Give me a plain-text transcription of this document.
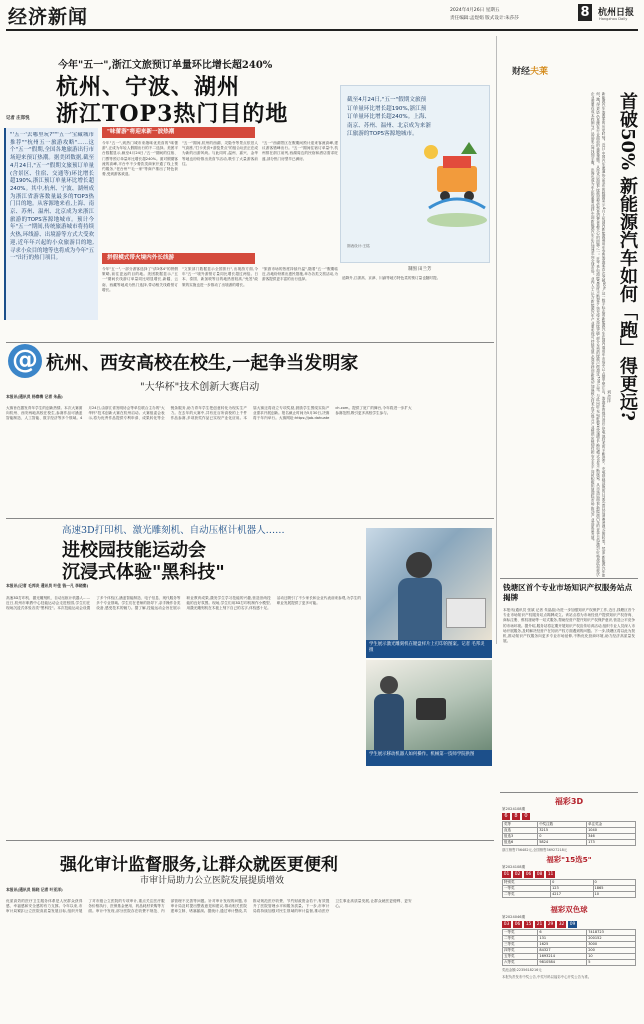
经济新闻	2024年4月26日 星期五
责任编辑:孟煜娟 版式设计:朱莎莎	8 杭州日报
Hangzhou Daily
今年"五一",浙江文旅预订单量环比增长超240%
杭州、宁波、湖州
浙江TOP3热门目的地
记者 庄郑悦
"'五一'去哪里玩?""'五一'宝藏城市推荐""杭州五一旅游攻略"……这个"五一"假期,全国各地旅游出行市场迎来预订热潮。据美团数据,截至4月24日,"五一"假期文旅预订单量(含景区、住宿、交通等)环比增长超190%,浙江预订单量环比增长超240%。其中,杭州、宁波、湖州成为浙江省游客数量最多的TOP3热门目的地。从客源地来看,上海、南京、苏州、温州、北京成为来浙江旅游的TOPS客源地城市。预计今年"五一"期间,传统旅游城市将持续火热,环线游、出境游等方式大受欢迎,近年年兴起的小众旅游目的地,寻求小众目的地等也将成为今年"五一"出行的热门项目。
"味蕾游"将迎来新一波热潮
今年"五一",到热门城市来趟味优美食的"味蕾游",正成为年轻人假期出行的不二选择。美团平台数据显示,截至4月24日,"五一"期间的住宿、门票等预订单量环比增长超240%。面对假期客流的高峰,平台中不少餐饮类商家开通了线上预约服务,"老台州""毛一家"等商户推出了特色套餐,受到游客欢迎。
"五一"期间,杭州的西湖、灵隐寺等景点依旧人气高涨,"打卡美食+游览景点"的组合玩法正在成为新的出游风尚。与此同时,温州、嘉兴、金华等地也纷纷推出美食节活动,吸引了大量游客前往。
"五一"西湖景区在假期间预计迎来客流高峰,建议游客错峰出行。"五一"期间住宿订单量中,杭州排在浙江前列,西湖周边的民宿和酒店需求旺盛,部分热门房型早已满房。
拼假模式带火境内外长线游
今年"五一",一部分游客选择了"请3休4"的拼假策略,前往更远的目的地。美团数据显示,"五一"期间长线游订单量同比明显增长,新疆、云南、西藏等地成为热门选择,带动相关线路预订增长。
"文旅部门数据显示全国旅行",出境游方面,今年"五一"境外游预订量同比增长超过两倍。日本、泰国、新加坡等目的地热度较高,"免签"政策的实施也进一步推动了出境游的增长。
"旅游市场的热度持续升温",随着"五一"假期临近,各地纷纷推出惠民措施,举办各类文旅活动,为游客提供更丰富的出行选择。
截至4月24日,"五一"假期文旅预订单量环比增长超190%,浙江预订单量环比增长超240%。上海、南京、苏州、温州、北京成为来浙江旅游的TOP5客源地城市。
图表设计:王铭
制图 田兰芳
追降升,江浙高、京津、川渝等地方特色菜的预订量也随时提。
财经夫莱
首破50% 新能源汽车如何「跑」得更远?
刘舍洋
新能源汽车渗透率的历史时刻。近日,中国汽车流通协会发布的数据显示,4月上旬国内新能源乘用车零售渗透率首次突破50%,这一数字标志着新能源汽车在国内乘用车市场中已占据半壁江山。渗透率的提升背后,是电池技术的不断进步、充电基础设施的日益完善以及消费者观念的转变。然而,新能源汽车如何"跑"得更远,仍是摆在行业面前的重要课题。从技术层面看,续航里程依然是消费者最关心的问题之一。近年来,电池能量密度不断提升,快充技术持续突破,部分车型的续航已经超过700公里。与此同时,充电桩数量快速增长,换电模式也在不断探索。从市场层面看,新能源汽车的竞争日趋激烈,价格战此起彼伏,企业需要在成本控制与产品品质之间找到平衡。出海也成为车企的重要选择,中国新能源汽车正在加速走向全球市场。业内人士认为,新能源汽车产业要实现可持续发展,必须坚持创新驱动,加强核心技术攻关,提升产业链供应链韧性和安全水平,同时积极拓展国际市场,推动产业高质量发展。
@ 杭州、西安高校在校生,一起争当发明家
"大华杯"技术创新大赛启动
本报讯(通讯员 杨春梅 记者 朱晶)
大赛旨在激发青年学生的创新热情。本次大赛面向杭州、西安两地高校在校生,参赛作品可涵盖智能制造、人工智能、数字经济等多个领域。4月24日,由浙江省发明协会等单位联合主办的"大华杯"技术创新大赛在杭州启动。大赛组委会表示,将为优秀作品提供专利申请、成果转化等全链条服务,助力青年学生把创意转化为现实生产力。在去年的大赛中,共有近百所高校的上千件作品参赛,多项获奖作品已实现产业化应用。本届大赛还将设立专项奖励,鼓励学生围绕实际产业需求开展创新。报名截止时间为5月30日,决赛将于年内举行。大赛网址:https://job.dahuatech.com。提供了宽广的舞台,今年将进一步扩大参赛范围,吸引更多高校学生参与。
高速3D打印机、激光雕刻机、自动压枢计机器人……
进校园技能运动会
沉浸式体验"黑科技"
本报讯(记者 毛邦炎 通讯员 叶佳 钱一凡 李晓秦)
高速3D打印机、激光雕刻机、自动压枢计机器人……近日,杭州市职教中心技能运动会走进校园,学生们在现场沉浸式体验各类"黑科技"。本次技能运动会设置了多个体验区,涵盖智能制造、电子信息、现代服务等多个专业领域。学生们在老师的指导下,亲手操作各类设备,感受技术的魅力。据了解,技能运动会旨在展示职业教育成果,激发学生学习技能的兴趣,营造崇尚技能的良好氛围。现场,学生们用3D打印机制作小模型,用激光雕刻机在木板上刻下自己的名字,体验感十足。活动还吸引了不少家长和企业代表前来参观,为学生的职业发展提供了更多可能。
学生展示激光雕刻机在键盘样片上打印的图案。记者 毛邦炎 摄
学生展示移动机器人如何操作。机械第一技师学院供图
强化审计监督服务,让群众就医更便利
市审计局助力公立医院发展提质增效
本报讯(通讯员 陈晓 记者 叶亚洋)
优质高效的医疗卫生服务体系是人民群众获得感、幸福感和安全感的有力支撑。今年以来,市审计局紧扣公立医院高质量发展目标,组织开展了对市级公立医院的专项审计,重点关注医疗服务价格执行、医保基金使用、药品耗材采购等方面。审计中发现,部分医院存在收费不规范、内部管理不完善等问题。针对审计发现的问题,市审计局及时提出整改意见和建议,推动相关医院建章立制、堵塞漏洞。据统计,通过审计整改,共推动规范医疗收费、节约财政资金若干,有效提升了医院管理水平和服务质量。下一步,市审计局将持续加强对民生领域的审计监督,推动医疗卫生事业高质量发展,让群众就医更便利、更安心。
钱塘区首个专业市场知识产权服务站点揭牌
本报讯(通讯员 张斌 记者 朱晶晶)为进一步加强知识产权保护工作,近日,钱塘区首个专业市场知识产权服务站点揭牌成立。该站点将为市场经营户提供知识产权咨询、商标注册、维权援助等一站式服务,帮助经营户提升知识产权保护意识,营造公平竞争的市场环境。据介绍,服务站将定期开展知识产权宣传培训活动,组织专业人员深入市场开展服务,及时解决经营户在知识产权方面遇到的问题。下一步,钱塘区将以此为契机,推动知识产权服务向更多专业市场延伸,不断优化营商环境,助力经济高质量发展。
福彩3D
第2024108期
6	8	0
奖等	中奖注数	单注奖金
直选	3215	1040
组选3	0	346
组选6	5824	173
浙江销售756482元,全国销售36927218元
福彩"15选5"
第2024108期
01	02	06	08	11
特别奖	0	0
一等奖	123	1865
二等奖	4217	10
福彩双色球
第2024046期
03	06	15	21	29	32	09
一等奖	6	7418723
二等奖	131	200152
三等奖	1625	3000
四等奖	84327	200
五等奖	1693214	10
六等奖	9810584	5
奖池金额:2235618216元
本报负责发布中奖公告,中奖号码以福彩中心开奖公告为准。
